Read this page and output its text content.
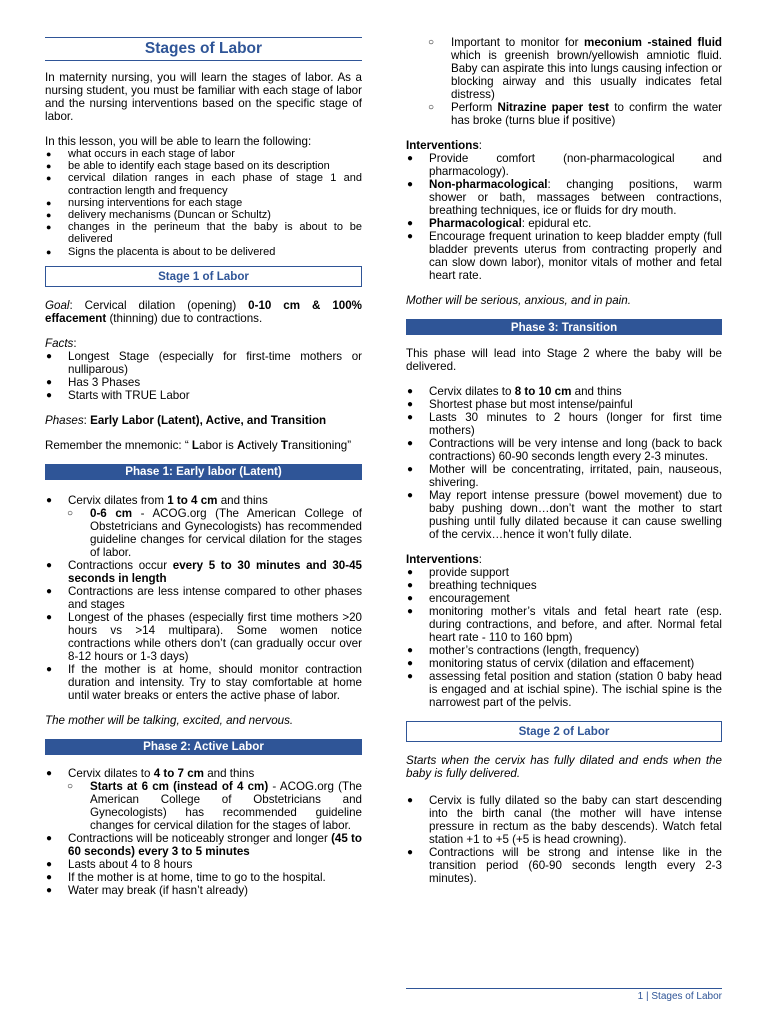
Stages of Labor

In maternity nursing, you will learn the stages of labor. As a nursing student, you must be familiar with each stage of labor and the nursing interventions based on the specific stage of labor.

In this lesson, you will be able to learn the following:

● what occurs in each stage of labor
● be able to identify each stage based on its description
● cervical dilation ranges in each phase of stage 1 and contraction length and frequency
● nursing interventions for each stage
● delivery mechanisms (Duncan or Schultz)
● changes in the perineum that the baby is about to be delivered
● Signs the placenta is about to be delivered
Stage 1 of Labor

Goal: Cervical dilation (opening) 0-10 cm & 100% effacement (thinning) due to contractions.

Facts:

● Longest Stage (especially for first-time mothers or nulliparous)
● Has 3 Phases
● Starts with TRUE Labor

Phases: Early Labor (Latent), Active, and Transition

Remember the mnemonic: “ Labor is Actively Transitioning”

Phase 1: Early labor (Latent)
● Cervix dilates from 1 to 4 cm and thins
○ 0-6 cm - ACOG.org (The American College of Obstetricians and Gynecologists) has recommended guideline changes for cervical dilation for the stages of labor.
● Contractions occur every 5 to 30 minutes and 30-45 seconds in length
● Contractions are less intense compared to other phases and stages
● Longest of the phases (especially first time mothers >20 hours vs >14 multipara). Some women notice contractions while others don’t (can gradually occur over 8-12 hours or 1-3 days)
● If the mother is at home, should monitor contraction duration and intensity. Try to stay comfortable at home until water breaks or enters the active phase of labor.

The mother will be talking, excited, and nervous.

Phase 2: Active Labor
● Cervix dilates to 4 to 7 cm and thins
○ Starts at 6 cm (instead of 4 cm) - ACOG.org (The American College of Obstetricians and Gynecologists) has recommended guideline changes for cervical dilation for the stages of labor.
● Contractions will be noticeably stronger and longer (45 to 60 seconds) every 3 to 5 minutes
● Lasts about 4 to 8 hours
● If the mother is at home, time to go to the hospital.
● Water may break (if hasn’t already)
○ Important to monitor for meconium -stained fluid which is greenish brown/yellowish amniotic fluid. Baby can aspirate this into lungs causing infection or blocking airway and this usually indicates fetal distress)
○ Perform Nitrazine paper test to confirm the water has broke (turns blue if positive)

Interventions:

● Provide comfort (non-pharmacological and pharmacology).
● Non-pharmacological: changing positions, warm shower or bath, massages between contractions, breathing techniques, ice or fluids for dry mouth.
● Pharmacological: epidural etc.
● Encourage frequent urination to keep bladder empty (full bladder prevents uterus from contracting properly and can slow down labor), monitor vitals of mother and fetal heart rate.

Mother will be serious, anxious, and in pain.

Phase 3: Transition

This phase will lead into Stage 2 where the baby will be delivered.

● Cervix dilates to 8 to 10 cm and thins
● Shortest phase but most intense/painful
● Lasts 30 minutes to 2 hours (longer for first time mothers)
● Contractions will be very intense and long (back to back contractions) 60-90 seconds length every 2-3 minutes.
● Mother will be concentrating, irritated, pain, nauseous, shivering.
● May report intense pressure (bowel movement) due to baby pushing down…don’t want the mother to start pushing until fully dilated because it can cause swelling of the cervix…hence it won’t fully dilate.

Interventions:

● provide support
● breathing techniques
● encouragement
● monitoring mother’s vitals and fetal heart rate (esp. during contractions, and before, and after. Normal fetal heart rate - 110 to 160 bpm)
● mother’s contractions (length, frequency)
● monitoring status of cervix (dilation and effacement)
● assessing fetal position and station (station 0 baby head is engaged and at ischial spine). The ischial spine is the narrowest part of the pelvis.
Stage 2 of Labor

Starts when the cervix has fully dilated and ends when the baby is fully delivered.

● Cervix is fully dilated so the baby can start descending into the birth canal (the mother will have intense pressure in rectum as the baby descends). Watch fetal station +1 to +5 (+5 is head crowning).
● Contractions will be strong and intense like in the transition period (60-90 seconds length every 2-3 minutes).
1 | Stages of Labor
